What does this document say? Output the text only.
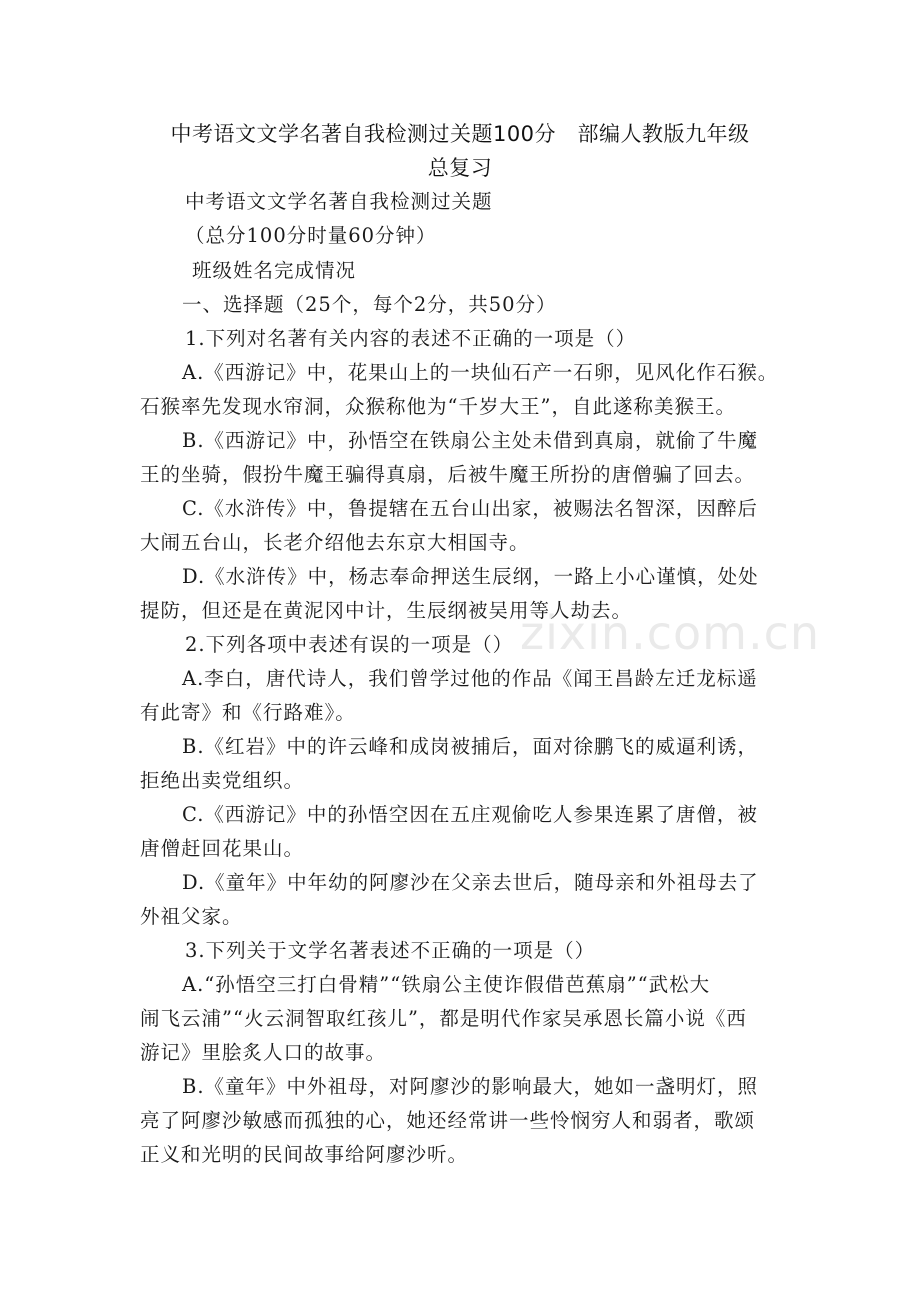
中考语文文学名著自我检测过关题100分　部编人教版九年级
总复习
中考语文文学名著自我检测过关题
（总分100分时量60分钟）
班级姓名完成情况
一、选择题（25个，每个2分，共50分）
1.下列对名著有关内容的表述不正确的一项是（）
A.《西游记》中，花果山上的一块仙石产一石卵，见风化作石猴。
石猴率先发现水帘洞，众猴称他为“千岁大王”，自此遂称美猴王。
B.《西游记》中，孙悟空在铁扇公主处未借到真扇，就偷了牛魔
王的坐骑，假扮牛魔王骗得真扇，后被牛魔王所扮的唐僧骗了回去。
C.《水浒传》中，鲁提辖在五台山出家，被赐法名智深，因醉后
大闹五台山，长老介绍他去东京大相国寺。
D.《水浒传》中，杨志奉命押送生辰纲，一路上小心谨慎，处处
提防，但还是在黄泥冈中计，生辰纲被吴用等人劫去。
2.下列各项中表述有误的一项是（）
A.李白，唐代诗人，我们曾学过他的作品《闻王昌龄左迁龙标遥
有此寄》和《行路难》。
B.《红岩》中的许云峰和成岗被捕后，面对徐鹏飞的威逼利诱，
拒绝出卖党组织。
C.《西游记》中的孙悟空因在五庄观偷吃人参果连累了唐僧，被
唐僧赶回花果山。
D.《童年》中年幼的阿廖沙在父亲去世后，随母亲和外祖母去了
外祖父家。
3.下列关于文学名著表述不正确的一项是（）
A.“孙悟空三打白骨精”“铁扇公主使诈假借芭蕉扇”“武松大
闹飞云浦”“火云洞智取红孩儿”，都是明代作家吴承恩长篇小说《西
游记》里脍炙人口的故事。
B.《童年》中外祖母，对阿廖沙的影响最大，她如一盏明灯，照
亮了阿廖沙敏感而孤独的心，她还经常讲一些怜悯穷人和弱者，歌颂
正义和光明的民间故事给阿廖沙听。
zixin.com.cn
